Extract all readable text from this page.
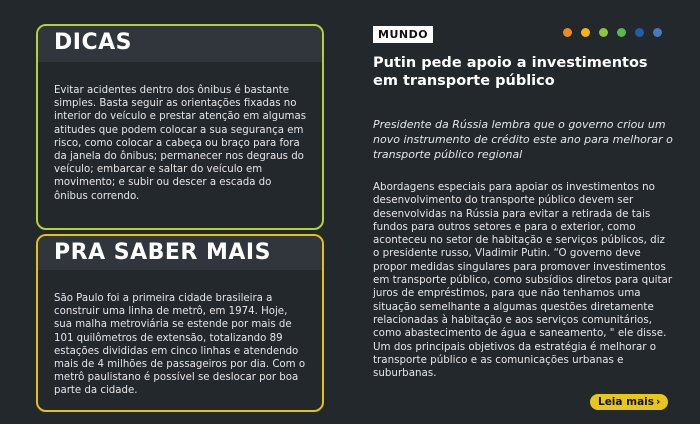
DICAS
Evitar acidentes dentro dos ônibus é bastante simples. Basta seguir as orientações fixadas no interior do veículo e prestar atenção em algumas atitudes que podem colocar a sua segurança em risco, como colocar a cabeça ou braço para fora da janela do ônibus; permanecer nos degraus do veículo; embarcar e saltar do veículo em movimento; e subir ou descer a escada do ônibus correndo.
PRA SABER MAIS
São Paulo foi a primeira cidade brasileira a construir uma linha de metrô, em 1974. Hoje, sua malha metroviária se estende por mais de 101 quilômetros de extensão, totalizando 89 estações divididas em cinco linhas e atendendo mais de 4 milhões de passageiros por dia. Com o metrô paulistano é possível se deslocar por boa parte da cidade.
MUNDO
Putin pede apoio a investimentos em transporte público

Presidente da Rússia lembra que o governo criou um novo instrumento de crédito este ano para melhorar o transporte público regional

Abordagens especiais para apoiar os investimentos no desenvolvimento do transporte público devem ser desenvolvidas na Rússia para evitar a retirada de tais fundos para outros setores e para o exterior, como aconteceu no setor de habitação e serviços públicos, diz o presidente russo, Vladimir Putin. “O governo deve propor medidas singulares para promover investimentos em transporte público, como subsídios diretos para quitar juros de empréstimos, para que não tenhamos uma situação semelhante a algumas questões diretamente relacionadas à habitação e aos serviços comunitários, como abastecimento de água e saneamento, " ele disse. Um dos principais objetivos da estratégia é melhorar o transporte público e as comunicações urbanas e suburbanas.

Leia mais ›
